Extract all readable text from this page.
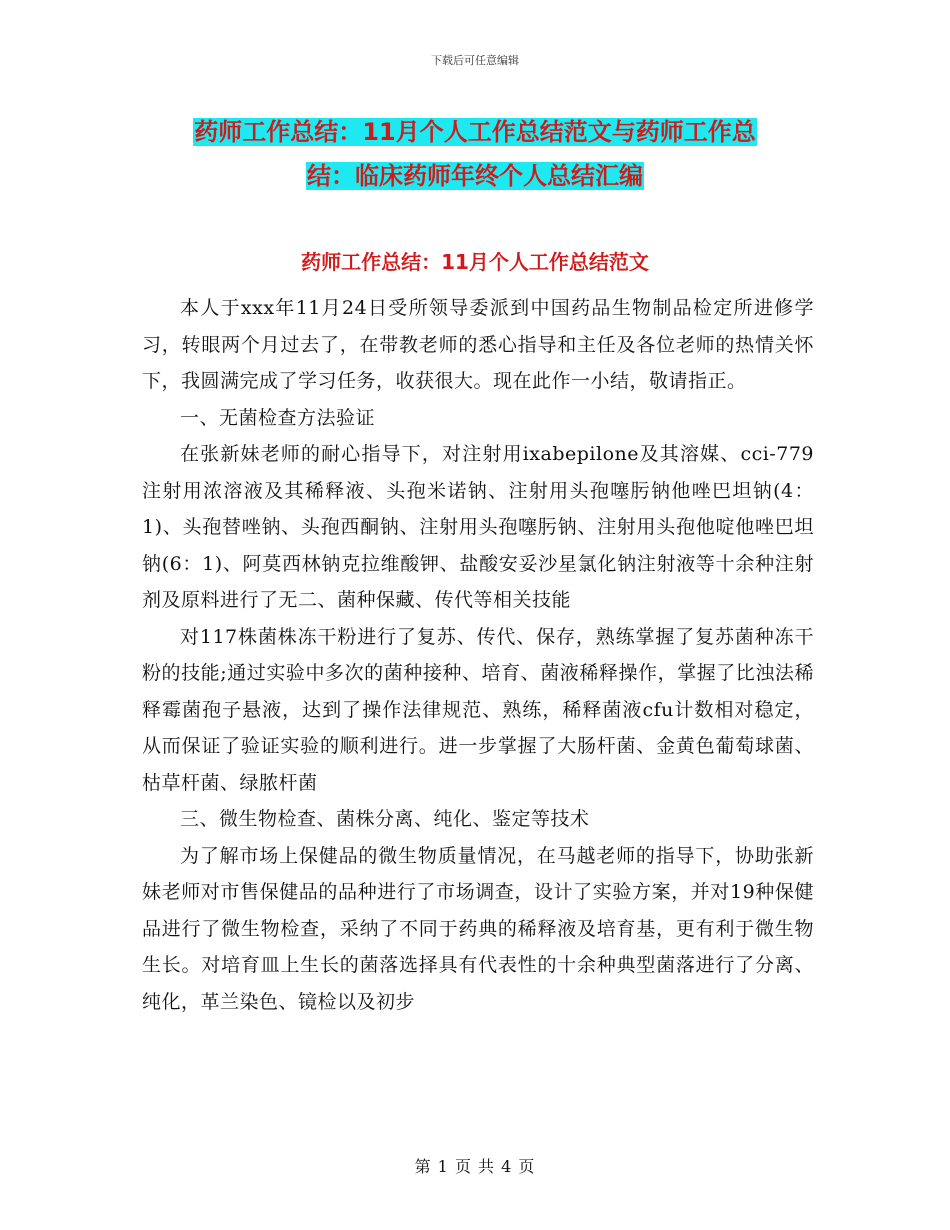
下载后可任意编辑
药师工作总结：11月个人工作总结范文与药师工作总
结：临床药师年终个人总结汇编
药师工作总结：11月个人工作总结范文

本人于xxx年11月24日受所领导委派到中国药品生物制品检定所进修学习，转眼两个月过去了，在带教老师的悉心指导和主任及各位老师的热情关怀下，我圆满完成了学习任务，收获很大。现在此作一小结，敬请指正。

一、无菌检查方法验证

在张新妹老师的耐心指导下，对注射用ixabepilone及其溶媒、cci-779注射用浓溶液及其稀释液、头孢米诺钠、注射用头孢噻肟钠他唑巴坦钠(4：1)、头孢替唑钠、头孢西酮钠、注射用头孢噻肟钠、注射用头孢他啶他唑巴坦钠(6：1)、阿莫西林钠克拉维酸钾、盐酸安妥沙星氯化钠注射液等十余种注射剂及原料进行了无二、菌种保藏、传代等相关技能

对117株菌株冻干粉进行了复苏、传代、保存，熟练掌握了复苏菌种冻干粉的技能;通过实验中多次的菌种接种、培育、菌液稀释操作，掌握了比浊法稀释霉菌孢子悬液，达到了操作法律规范、熟练，稀释菌液cfu计数相对稳定，从而保证了验证实验的顺利进行。进一步掌握了大肠杆菌、金黄色葡萄球菌、枯草杆菌、绿脓杆菌

三、微生物检查、菌株分离、纯化、鉴定等技术

为了解市场上保健品的微生物质量情况，在马越老师的指导下，协助张新妹老师对市售保健品的品种进行了市场调查，设计了实验方案，并对19种保健品进行了微生物检查，采纳了不同于药典的稀释液及培育基，更有利于微生物生长。对培育皿上生长的菌落选择具有代表性的十余种典型菌落进行了分离、纯化，革兰染色、镜检以及初步

第 1 页 共 4 页
